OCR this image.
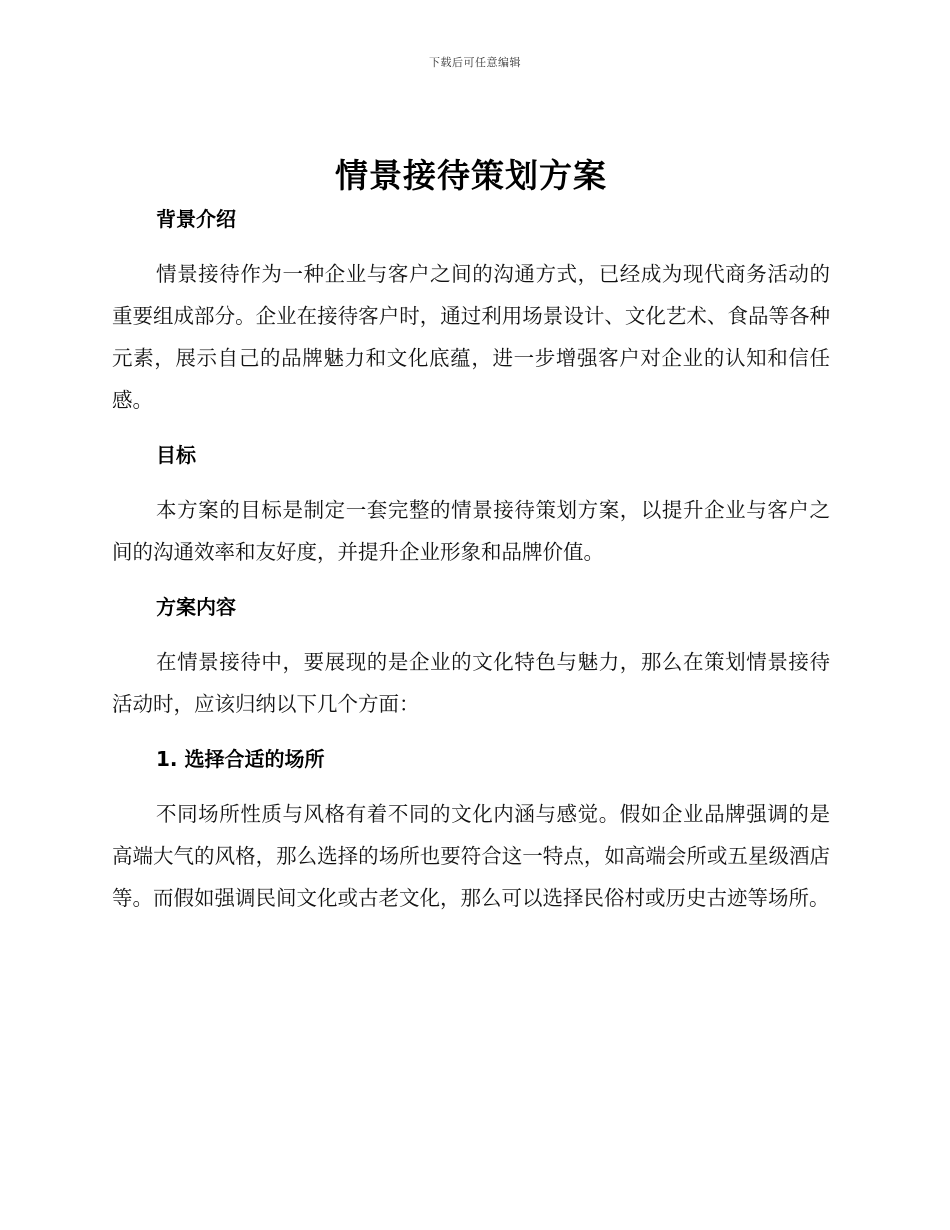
下载后可任意编辑
情景接待策划方案
背景介绍

情景接待作为一种企业与客户之间的沟通方式，已经成为现代商务活动的重要组成部分。企业在接待客户时，通过利用场景设计、文化艺术、食品等各种元素，展示自己的品牌魅力和文化底蕴，进一步增强客户对企业的认知和信任感。

目标

本方案的目标是制定一套完整的情景接待策划方案，以提升企业与客户之间的沟通效率和友好度，并提升企业形象和品牌价值。

方案内容

在情景接待中，要展现的是企业的文化特色与魅力，那么在策划情景接待活动时，应该归纳以下几个方面：

1. 选择合适的场所

不同场所性质与风格有着不同的文化内涵与感觉。假如企业品牌强调的是高端大气的风格，那么选择的场所也要符合这一特点，如高端会所或五星级酒店等。而假如强调民间文化或古老文化，那么可以选择民俗村或历史古迹等场所。
